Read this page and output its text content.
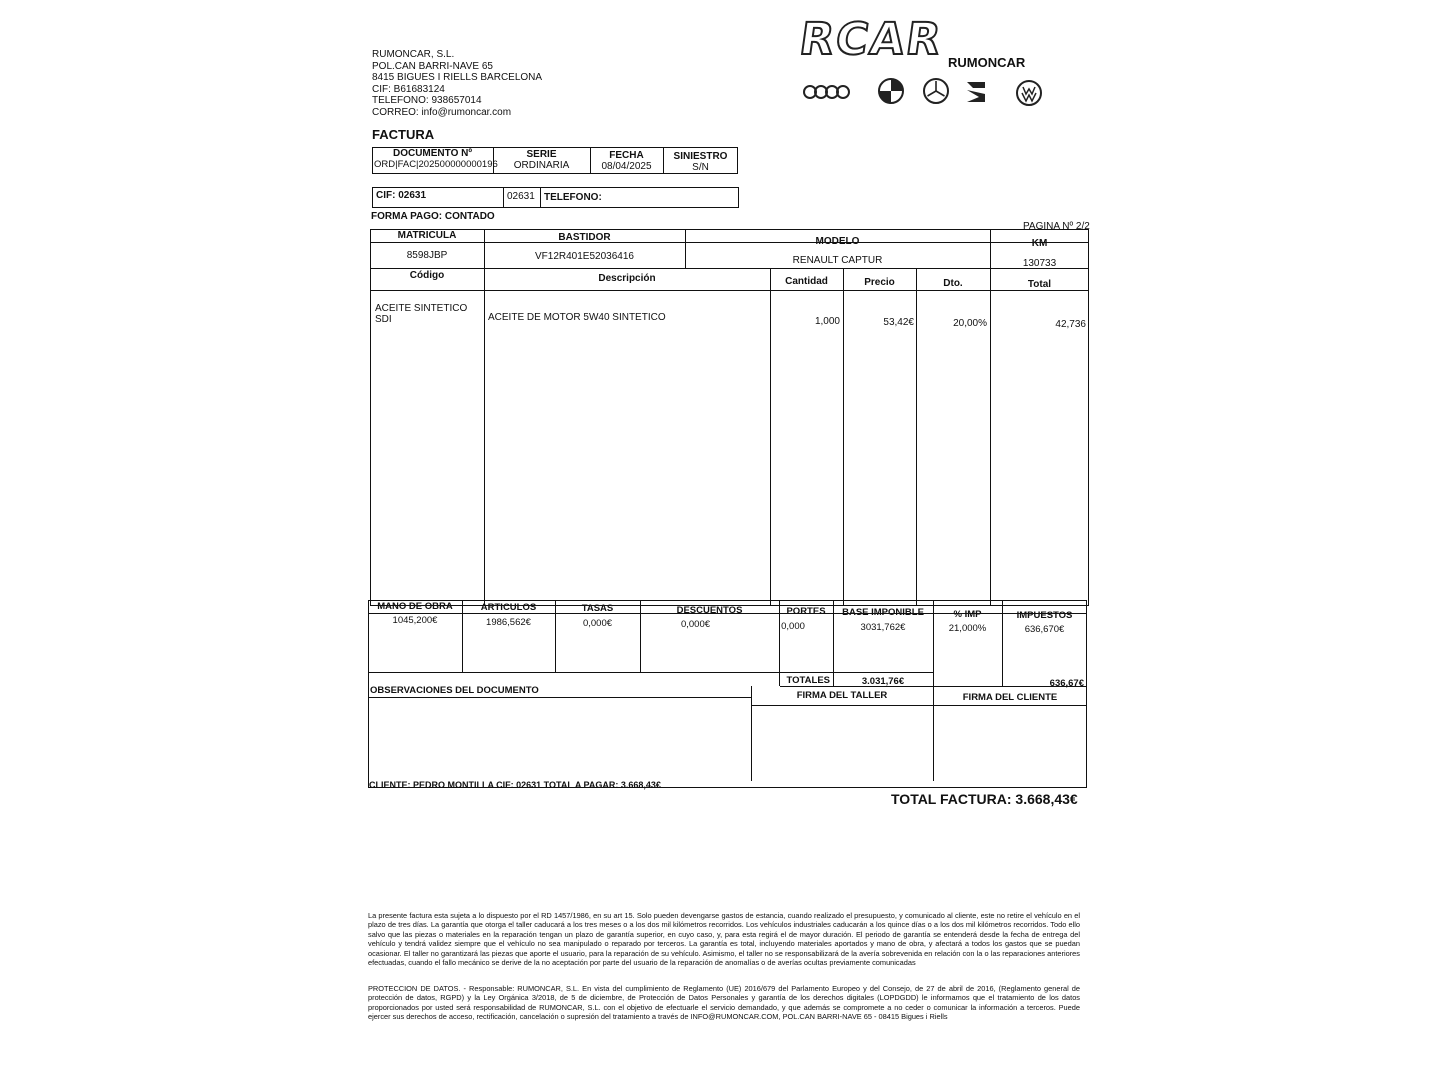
RUMONCAR, S.L.
POL.CAN BARRI-NAVE 65
8415 BIGUES I RIELLS BARCELONA
CIF: B61683124
TELEFONO: 938657014
CORREO: info@rumoncar.com
RCAR RUMONCAR
FACTURA
DOCUMENTO Nº	SERIE	FECHA	SINIESTRO
ORD|FAC|202500000000196	ORDINARIA	08/04/2025	S/N
CIF: 02631	02631 TELEFONO:
FORMA PAGO: CONTADO
PAGINA Nº 2/2
MATRICULA	BASTIDOR	MODELO	KM
8598JBP	VF12R401E52036416	RENAULT CAPTUR	130733
Código	Descripción	Cantidad	Precio	Dto.	Total
ACEITE SINTETICO SDI	ACEITE DE MOTOR 5W40 SINTETICO	1,000	53,42€	20,00%	42,736
MANO DE OBRA	ARTICULOS	TASAS	DESCUENTOS	PORTES	BASE IMPONIBLE	% IMP	IMPUESTOS
1045,200€	1986,562€	0,000€	0,000€	0,000	3031,762€	21,000%	636,670€
TOTALES	3.031,76€	636,67€
OBSERVACIONES DEL DOCUMENTO	FIRMA DEL TALLER	FIRMA DEL CLIENTE
CLIENTE: PEDRO MONTILLA CIF: 02631 TOTAL A PAGAR: 3.668,43€
TOTAL FACTURA: 3.668,43€
La presente factura esta sujeta a lo dispuesto por el RD 1457/1986, en su art 15. Solo pueden devengarse gastos de estancia, cuando realizado el presupuesto, y comunicado al cliente, este no retire el vehículo en el plazo de tres días. La garantía que otorga el taller caducará a los tres meses o a los dos mil kilómetros recorridos. Los vehículos industriales caducarán a los quince días o a los dos mil kilómetros recorridos. Todo ello salvo que las piezas o materiales en la reparación tengan un plazo de garantía superior, en cuyo caso, y, para esta regirá el de mayor duración. El periodo de garantía se entenderá desde la fecha de entrega del vehículo y tendrá validez siempre que el vehículo no sea manipulado o reparado por terceros. La garantía es total, incluyendo materiales aportados y mano de obra, y afectará a todos los gastos que se puedan ocasionar. El taller no garantizará las piezas que aporte el usuario, para la reparación de su vehículo. Asimismo, el taller no se responsabilizará de la avería sobrevenida en relación con la o las reparaciones anteriores efectuadas, cuando el fallo mecánico se derive de la no aceptación por parte del usuario de la reparación de anomalías o de averías ocultas previamente comunicadas
PROTECCION DE DATOS. - Responsable: RUMONCAR, S.L. En vista del cumplimiento de Reglamento (UE) 2016/679 del Parlamento Europeo y del Consejo, de 27 de abril de 2016, (Reglamento general de protección de datos, RGPD) y la Ley Orgánica 3/2018, de 5 de diciembre, de Protección de Datos Personales y garantía de los derechos digitales (LOPDGDD) le informamos que el tratamiento de los datos proporcionados por usted será responsabilidad de RUMONCAR, S.L. con el objetivo de efectuarle el servicio demandado, y que además se compromete a no ceder o comunicar la información a terceros. Puede ejercer sus derechos de acceso, rectificación, cancelación o supresión del tratamiento a través de INFO@RUMONCAR.COM, POL.CAN BARRI-NAVE 65 - 08415 Bigues i Riells
